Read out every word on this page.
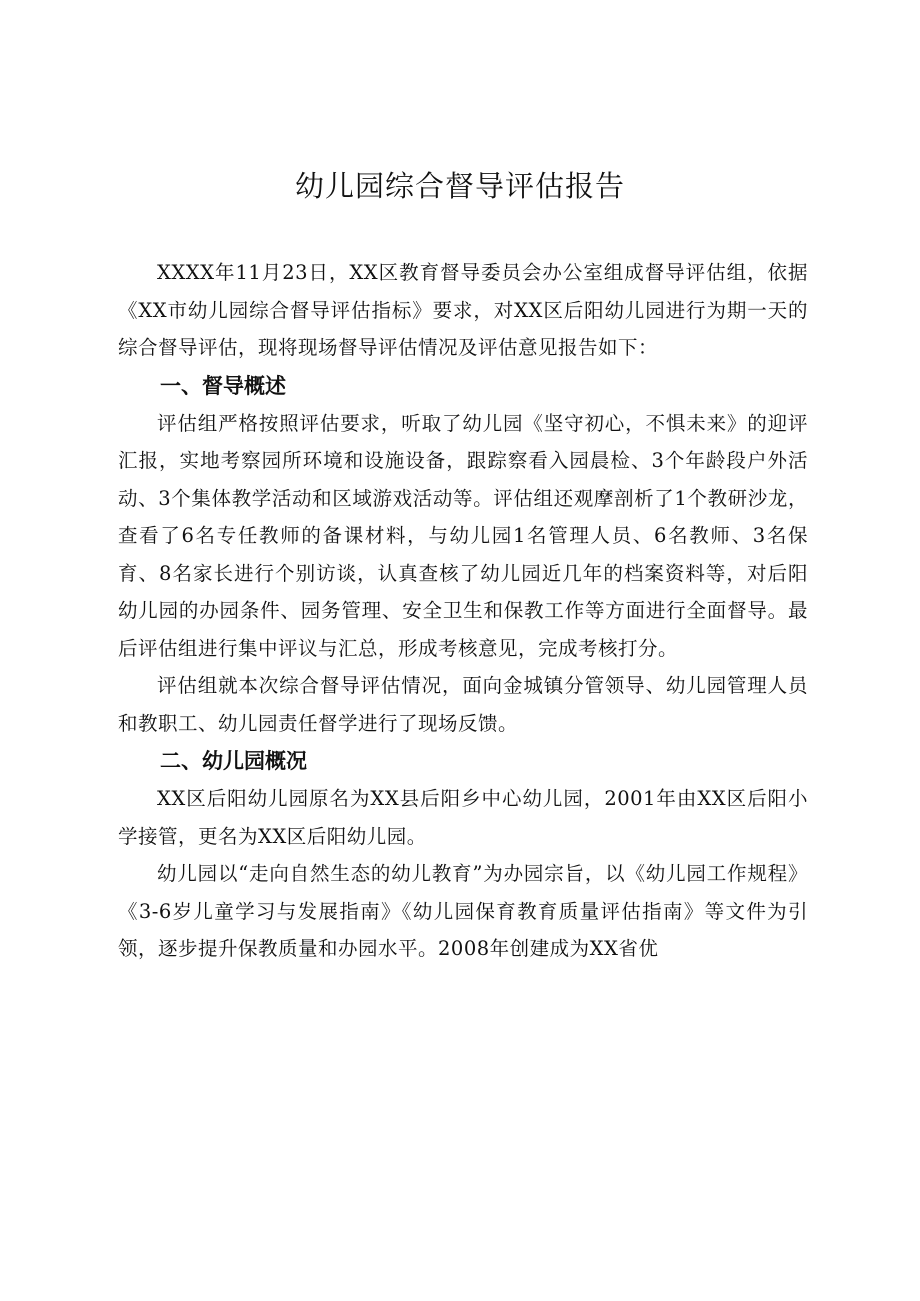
幼儿园综合督导评估报告

XXXX年11月23日，XX区教育督导委员会办公室组成督导评估组，依据《XX市幼儿园综合督导评估指标》要求，对XX区后阳幼儿园进行为期一天的综合督导评估，现将现场督导评估情况及评估意见报告如下：

一、督导概述

评估组严格按照评估要求，听取了幼儿园《坚守初心，不惧未来》的迎评汇报，实地考察园所环境和设施设备，跟踪察看入园晨检、3个年龄段户外活动、3个集体教学活动和区域游戏活动等。评估组还观摩剖析了1个教研沙龙，查看了6名专任教师的备课材料，与幼儿园1名管理人员、6名教师、3名保育、8名家长进行个别访谈，认真查核了幼儿园近几年的档案资料等，对后阳幼儿园的办园条件、园务管理、安全卫生和保教工作等方面进行全面督导。最后评估组进行集中评议与汇总，形成考核意见，完成考核打分。

评估组就本次综合督导评估情况，面向金城镇分管领导、幼儿园管理人员和教职工、幼儿园责任督学进行了现场反馈。

二、幼儿园概况

XX区后阳幼儿园原名为XX县后阳乡中心幼儿园，2001年由XX区后阳小学接管，更名为XX区后阳幼儿园。

幼儿园以“走向自然生态的幼儿教育”为办园宗旨，以《幼儿园工作规程》《3-6岁儿童学习与发展指南》《幼儿园保育教育质量评估指南》等文件为引领，逐步提升保教质量和办园水平。2008年创建成为XX省优
